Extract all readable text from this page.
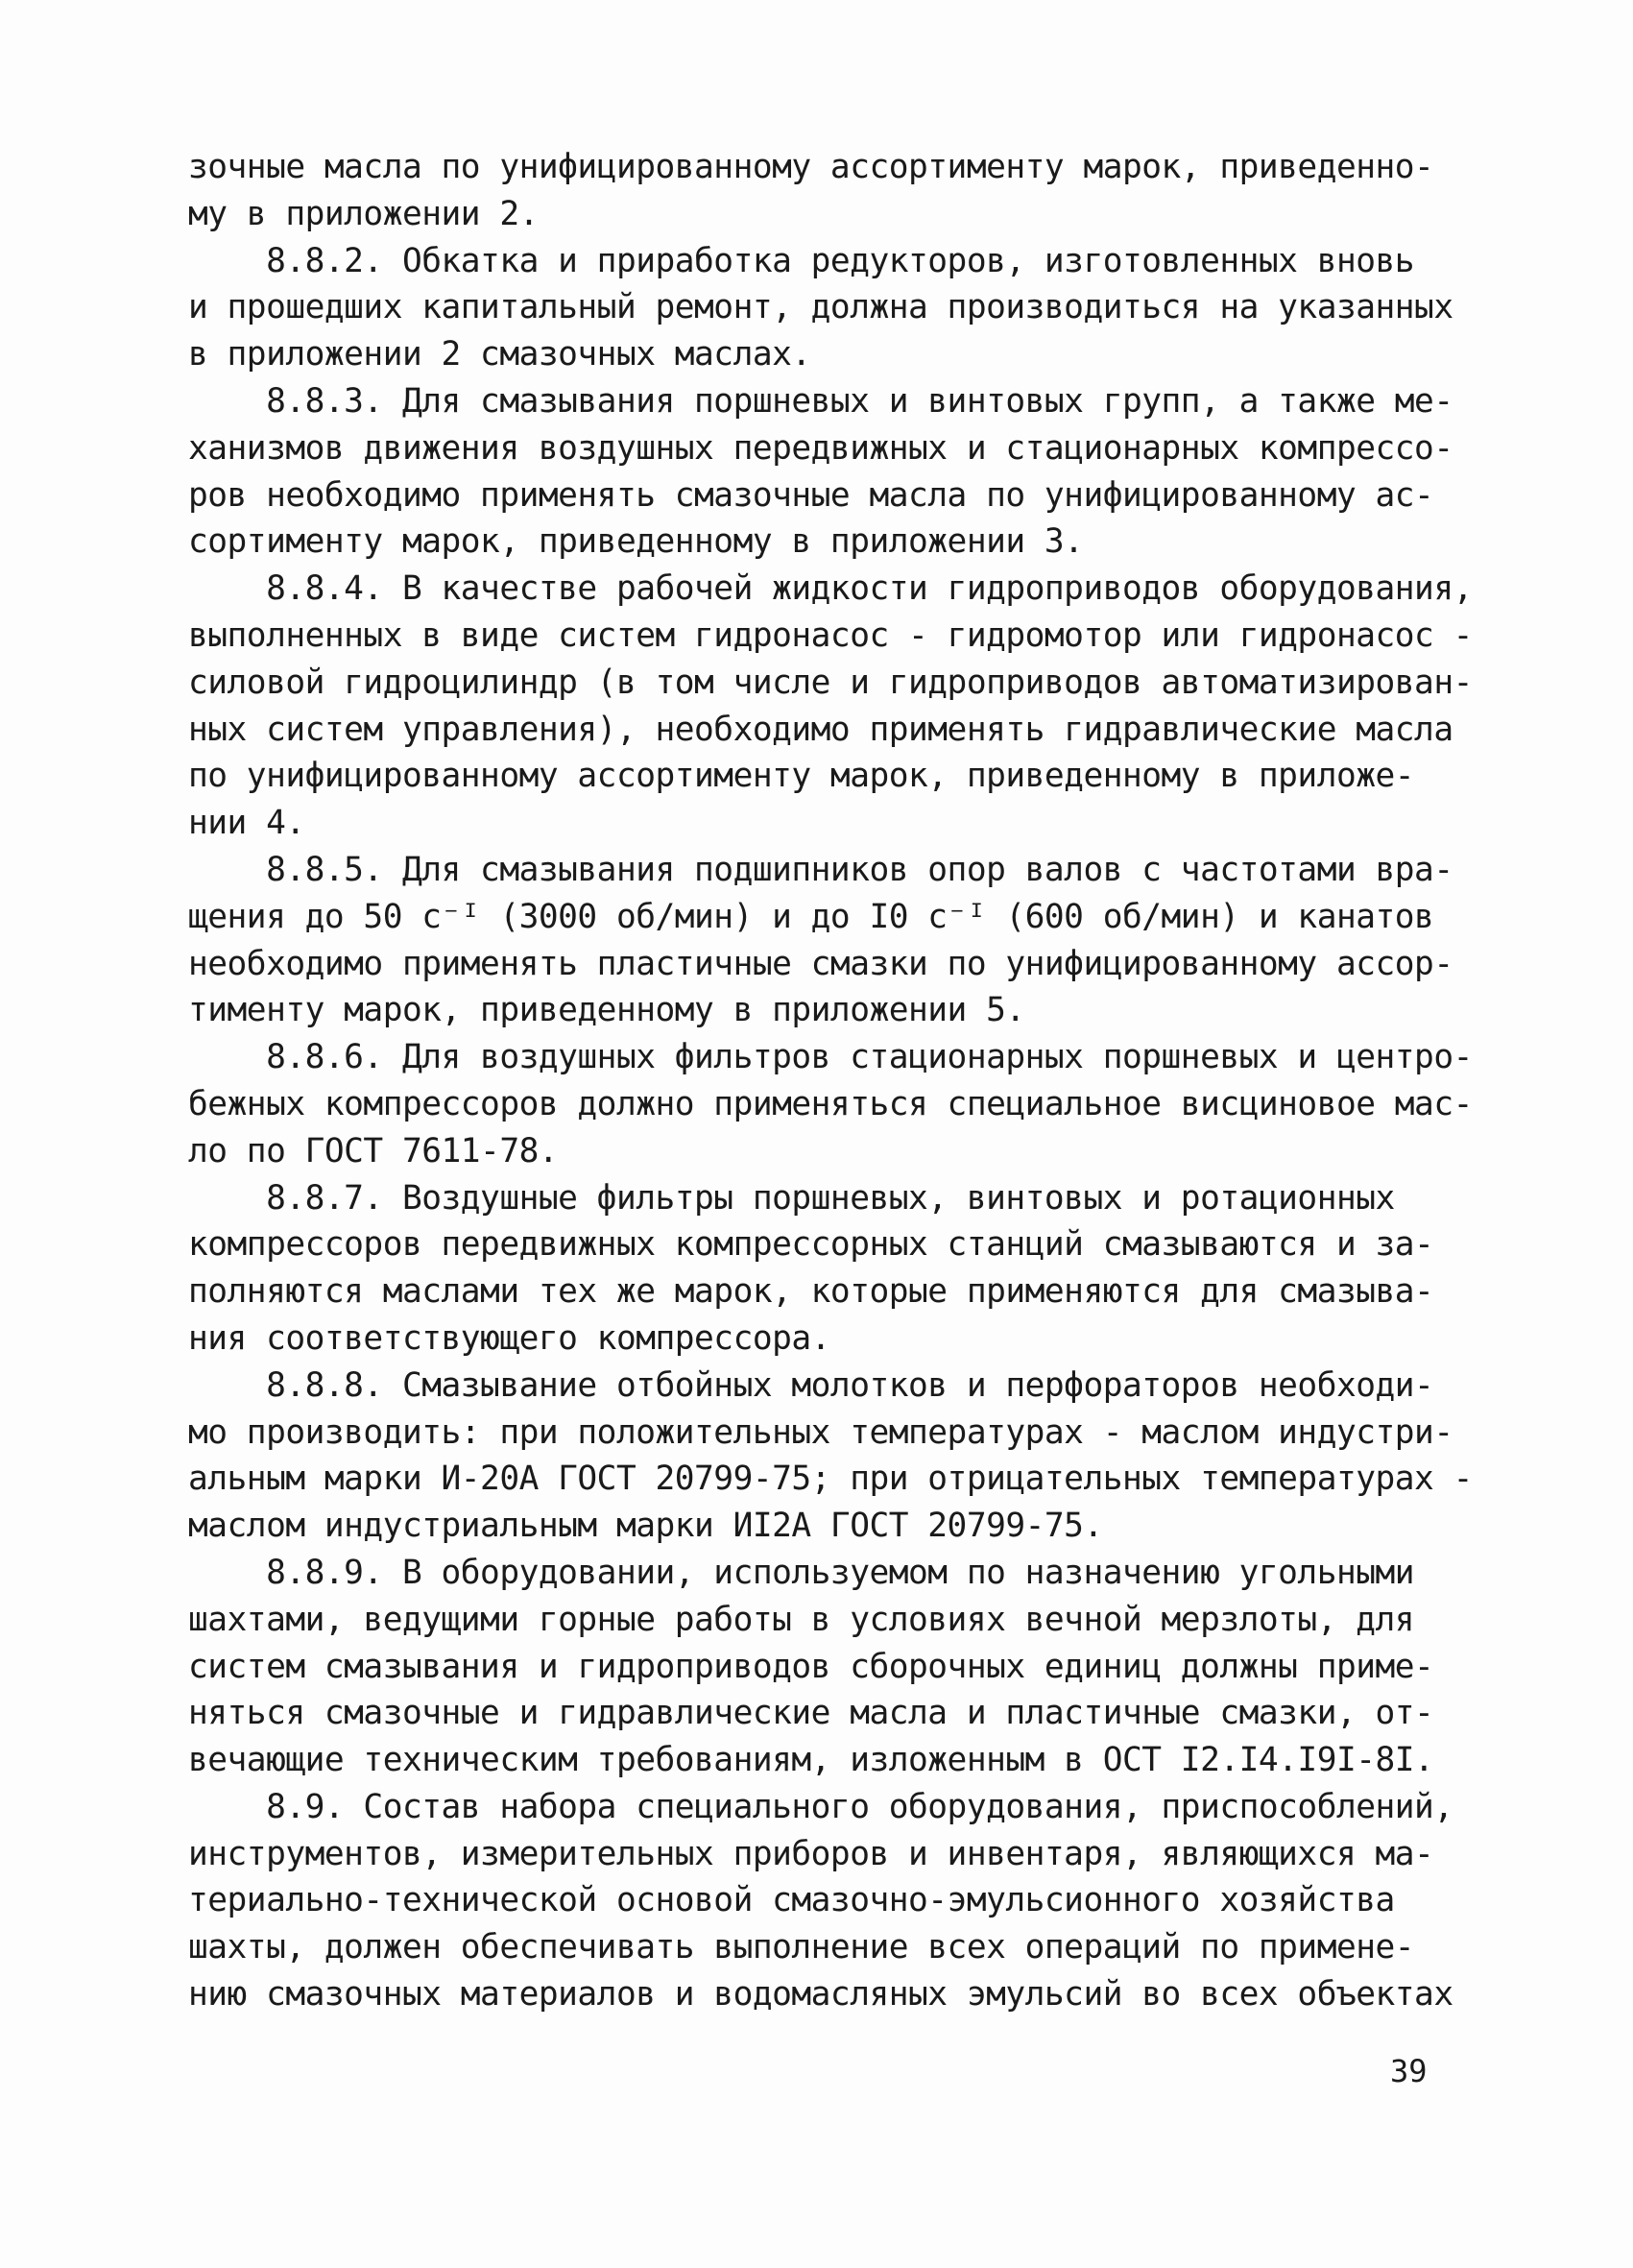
зочные масла по унифицированному ассортименту марок, приведенно-
му в приложении 2.
8.8.2. Обкатка и приработка редукторов, изготовленных вновь
и прошедших капитальный ремонт, должна производиться на указанных
в приложении 2 смазочных маслах.
8.8.3. Для смазывания поршневых и винтовых групп, а также ме-
ханизмов движения воздушных передвижных и стационарных компрессо-
ров необходимо применять смазочные масла по унифицированному ас-
сортименту марок, приведенному в приложении 3.
8.8.4. В качестве рабочей жидкости гидроприводов оборудования,
выполненных в виде систем гидронасос - гидромотор или гидронасос -
силовой гидроцилиндр (в том числе и гидроприводов автоматизирован-
ных систем управления), необходимо применять гидравлические масла
по унифицированному ассортименту марок, приведенному в приложе-
нии 4.
8.8.5. Для смазывания подшипников опор валов с частотами вра-
щения до 50 с⁻ᴵ (3000 об/мин) и до I0 с⁻ᴵ (600 об/мин) и канатов
необходимо применять пластичные смазки по унифицированному ассор-
тименту марок, приведенному в приложении 5.
8.8.6. Для воздушных фильтров стационарных поршневых и центро-
бежных компрессоров должно применяться специальное висциновое мас-
ло по ГОСТ 7611-78.
8.8.7. Воздушные фильтры поршневых, винтовых и ротационных
компрессоров передвижных компрессорных станций смазываются и за-
полняются маслами тех же марок, которые применяются для смазыва-
ния соответствующего компрессора.
8.8.8. Смазывание отбойных молотков и перфораторов необходи-
мо производить: при положительных температурах - маслом индустри-
альным марки И-20А ГОСТ 20799-75; при отрицательных температурах -
маслом индустриальным марки ИI2А ГОСТ 20799-75.
8.8.9. В оборудовании, используемом по назначению угольными
шахтами, ведущими горные работы в условиях вечной мерзлоты, для
систем смазывания и гидроприводов сборочных единиц должны приме-
няться смазочные и гидравлические масла и пластичные смазки, от-
вечающие техническим требованиям, изложенным в ОСТ I2.I4.I9I-8I.
8.9. Состав набора специального оборудования, приспособлений,
инструментов, измерительных приборов и инвентаря, являющихся ма-
териально-технической основой смазочно-эмульсионного хозяйства
шахты, должен обеспечивать выполнение всех операций по примене-
нию смазочных материалов и водомасляных эмульсий во всех объектах
39
